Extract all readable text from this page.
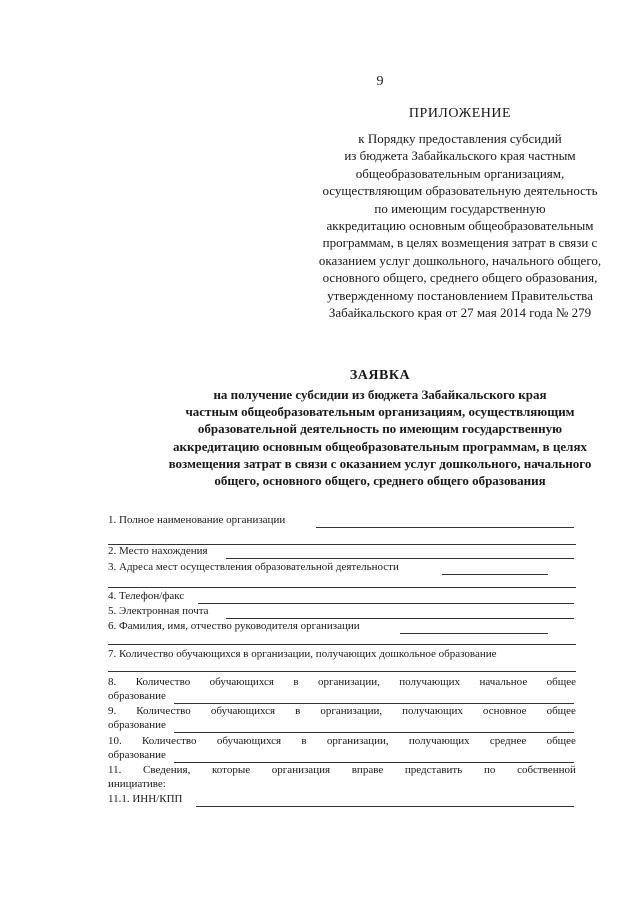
9
ПРИЛОЖЕНИЕ
к Порядку предоставления субсидий
из бюджета Забайкальского края частным
общеобразовательным организациям,
осуществляющим образовательную деятельность
по имеющим государственную
аккредитацию основным общеобразовательным
программам, в целях возмещения затрат в связи с
оказанием услуг дошкольного, начального общего,
основного общего, среднего общего образования,
утвержденному постановлением Правительства
Забайкальского края от 27 мая 2014 года № 279
ЗАЯВКА
на получение субсидии из бюджета Забайкальского края
частным общеобразовательным организациям, осуществляющим
образовательной деятельность по имеющим государственную
аккредитацию основным общеобразовательным программам, в целях
возмещения затрат в связи с оказанием услуг дошкольного, начального
общего, основного общего, среднего общего образования
1. Полное наименование организации
2. Место нахождения
3. Адреса мест осуществления образовательной деятельности
4. Телефон/факс
5. Электронная почта
6. Фамилия, имя, отчество руководителя организации
7. Количество обучающихся в организации, получающих дошкольное образование
8. Количество обучающихся в организации, получающих начальное общее
образование
9. Количество обучающихся в организации, получающих основное общее
образование
10. Количество обучающихся в организации, получающих среднее общее
образование
11. Сведения, которые организация вправе представить по собственной
инициативе:
11.1. ИНН/КПП
